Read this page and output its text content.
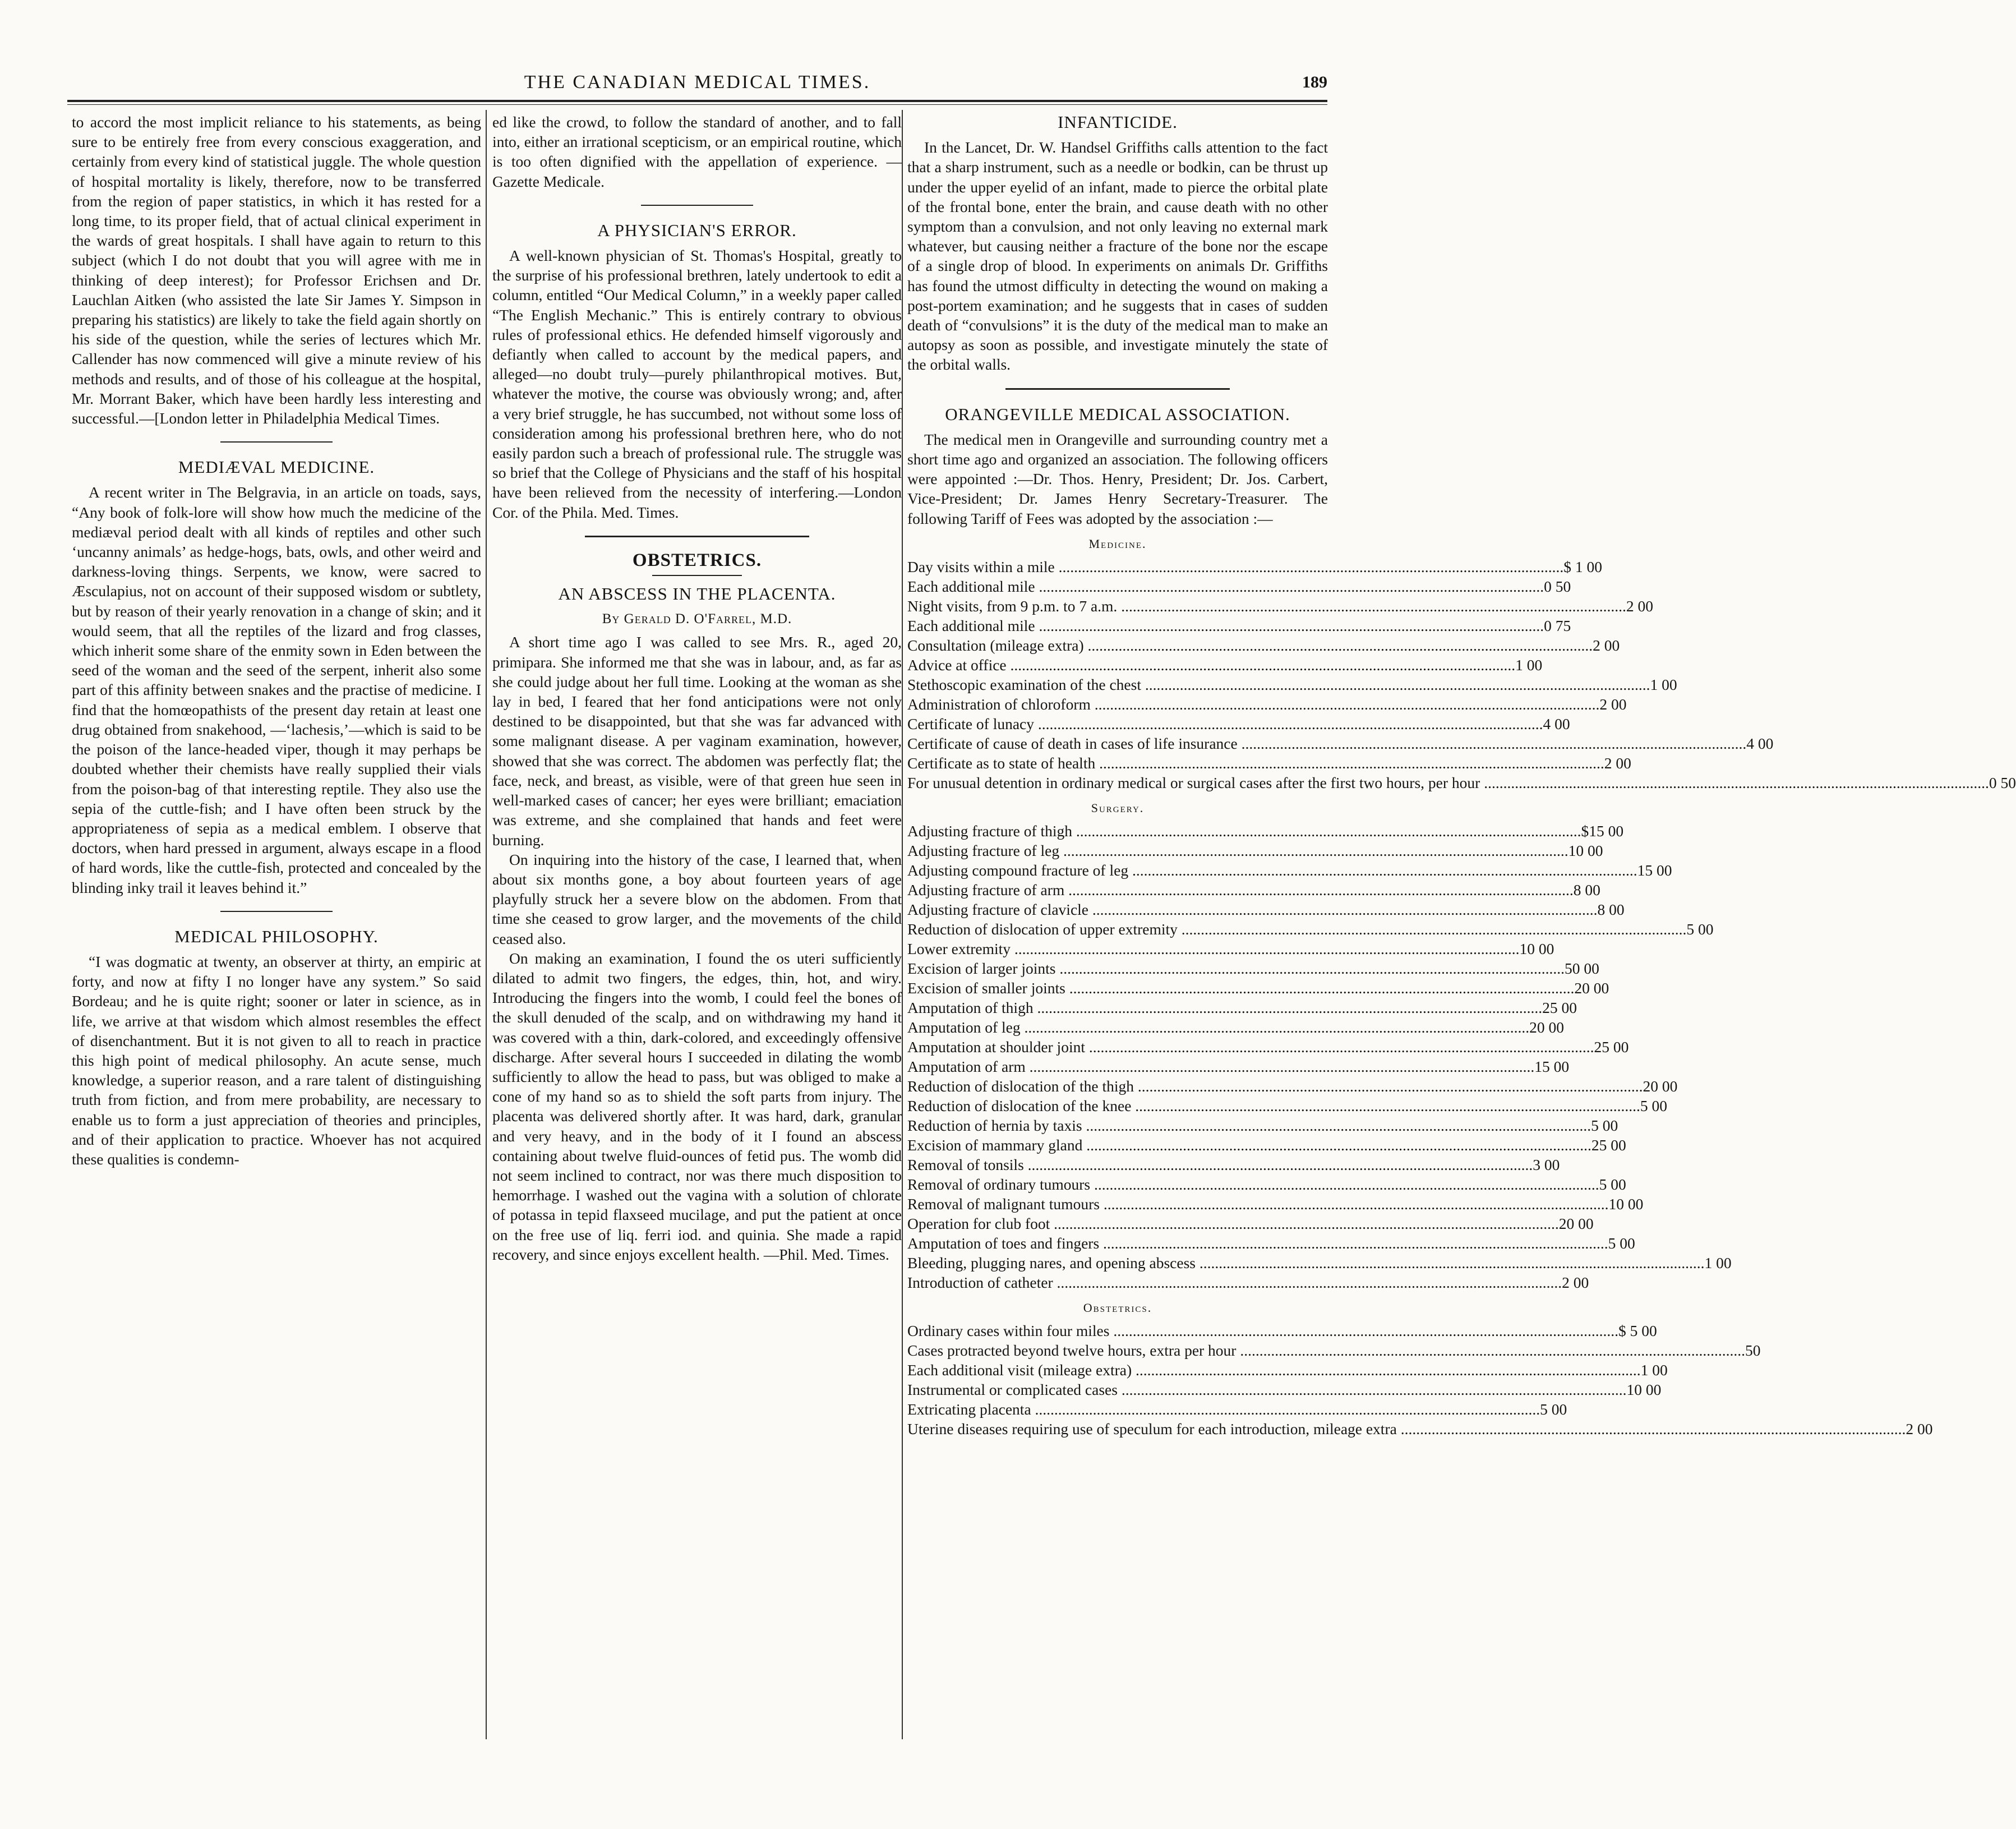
THE CANADIAN MEDICAL TIMES.	189

to accord the most implicit reliance to his statements, as being sure to be entirely free from every conscious exaggeration, and certainly from every kind of statistical juggle. The whole question of hospital mortality is likely, therefore, now to be transferred from the region of paper statistics, in which it has rested for a long time, to its proper field, that of actual clinical experiment in the wards of great hospitals. I shall have again to return to this subject (which I do not doubt that you will agree with me in thinking of deep interest); for Professor Erichsen and Dr. Lauchlan Aitken (who assisted the late Sir James Y. Simpson in preparing his statistics) are likely to take the field again shortly on his side of the question, while the series of lectures which Mr. Callender has now commenced will give a minute review of his methods and results, and of those of his colleague at the hospital, Mr. Morrant Baker, which have been hardly less interesting and successful.—[London letter in Philadelphia Medical Times.

MEDIÆVAL MEDICINE.

A recent writer in The Belgravia, in an article on toads, says, “Any book of folk-lore will show how much the medicine of the mediæval period dealt with all kinds of reptiles and other such ‘uncanny animals’ as hedge-hogs, bats, owls, and other weird and darkness-loving things. Serpents, we know, were sacred to Æsculapius, not on account of their supposed wisdom or subtlety, but by reason of their yearly renovation in a change of skin; and it would seem, that all the reptiles of the lizard and frog classes, which inherit some share of the enmity sown in Eden between the seed of the woman and the seed of the serpent, inherit also some part of this affinity between snakes and the practise of medicine. I find that the homœopathists of the present day retain at least one drug obtained from snakehood, —‘lachesis,’—which is said to be the poison of the lance-headed viper, though it may perhaps be doubted whether their chemists have really supplied their vials from the poison-bag of that interesting reptile. They also use the sepia of the cuttle-fish; and I have often been struck by the appropriateness of sepia as a medical emblem. I observe that doctors, when hard pressed in argument, always escape in a flood of hard words, like the cuttle-fish, protected and concealed by the blinding inky trail it leaves behind it.”

MEDICAL PHILOSOPHY.

“I was dogmatic at twenty, an observer at thirty, an empiric at forty, and now at fifty I no longer have any system.” So said Bordeau; and he is quite right; sooner or later in science, as in life, we arrive at that wisdom which almost resembles the effect of disenchantment. But it is not given to all to reach in practice this high point of medical philosophy. An acute sense, much knowledge, a superior reason, and a rare talent of distinguishing truth from fiction, and from mere probability, are necessary to enable us to form a just appreciation of theories and principles, and of their application to practice. Whoever has not acquired these qualities is condemn-

ed like the crowd, to follow the standard of another, and to fall into, either an irrational scepticism, or an empirical routine, which is too often dignified with the appellation of experience. —Gazette Medicale.

A PHYSICIAN'S ERROR.

A well-known physician of St. Thomas's Hospital, greatly to the surprise of his professional brethren, lately undertook to edit a column, entitled “Our Medical Column,” in a weekly paper called “The English Mechanic.” This is entirely contrary to obvious rules of professional ethics. He defended himself vigorously and defiantly when called to account by the medical papers, and alleged—no doubt truly—purely philanthropical motives. But, whatever the motive, the course was obviously wrong; and, after a very brief struggle, he has succumbed, not without some loss of consideration among his professional brethren here, who do not easily pardon such a breach of professional rule. The struggle was so brief that the College of Physicians and the staff of his hospital have been relieved from the necessity of interfering.—London Cor. of the Phila. Med. Times.

OBSTETRICS.
AN ABSCESS IN THE PLACENTA.
By Gerald D. O'Farrel, M.D.

A short time ago I was called to see Mrs. R., aged 20, primipara. She informed me that she was in labour, and, as far as she could judge about her full time. Looking at the woman as she lay in bed, I feared that her fond anticipations were not only destined to be disappointed, but that she was far advanced with some malignant disease. A per vaginam examination, however, showed that she was correct. The abdomen was perfectly flat; the face, neck, and breast, as visible, were of that green hue seen in well-marked cases of cancer; her eyes were brilliant; emaciation was extreme, and she complained that hands and feet were burning.

On inquiring into the history of the case, I learned that, when about six months gone, a boy about fourteen years of age playfully struck her a severe blow on the abdomen. From that time she ceased to grow larger, and the movements of the child ceased also.

On making an examination, I found the os uteri sufficiently dilated to admit two fingers, the edges, thin, hot, and wiry. Introducing the fingers into the womb, I could feel the bones of the skull denuded of the scalp, and on withdrawing my hand it was covered with a thin, dark-colored, and exceedingly offensive discharge. After several hours I succeeded in dilating the womb sufficiently to allow the head to pass, but was obliged to make a cone of my hand so as to shield the soft parts from injury. The placenta was delivered shortly after. It was hard, dark, granular and very heavy, and in the body of it I found an abscess containing about twelve fluid-ounces of fetid pus. The womb did not seem inclined to contract, nor was there much disposition to hemorrhage. I washed out the vagina with a solution of chlorate of potassa in tepid flaxseed mucilage, and put the patient at once on the free use of liq. ferri iod. and quinia. She made a rapid recovery, and since enjoys excellent health. —Phil. Med. Times.

INFANTICIDE.

In the Lancet, Dr. W. Handsel Griffiths calls attention to the fact that a sharp instrument, such as a needle or bodkin, can be thrust up under the upper eyelid of an infant, made to pierce the orbital plate of the frontal bone, enter the brain, and cause death with no other symptom than a convulsion, and not only leaving no external mark whatever, but causing neither a fracture of the bone nor the escape of a single drop of blood. In experiments on animals Dr. Griffiths has found the utmost difficulty in detecting the wound on making a post-portem examination; and he suggests that in cases of sudden death of “convulsions” it is the duty of the medical man to make an autopsy as soon as possible, and investigate minutely the state of the orbital walls.

ORANGEVILLE MEDICAL ASSOCIATION.

The medical men in Orangeville and surrounding country met a short time ago and organized an association. The following officers were appointed :—Dr. Thos. Henry, President; Dr. Jos. Carbert, Vice-President; Dr. James Henry Secretary-Treasurer. The following Tariff of Fees was adopted by the association :—

Medicine.
Day visits within a mile .....	$ 1 00
Each additional mile .....	0 50
Night visits, from 9 p.m. to 7 a.m. .....	2 00
Each additional mile .....	0 75
Consultation (mileage extra) .....	2 00
Advice at office .....	1 00
Stethoscopic examination of the chest .....	1 00
Administration of chloroform .....	2 00
Certificate of lunacy .....	4 00
Certificate of cause of death in cases of life insurance .....	4 00
Certificate as to state of health .....	2 00
For unusual detention in ordinary medical or surgical cases after the first two hours, per hour .....	0 50
Surgery.
Adjusting fracture of thigh .....	$15 00
Adjusting fracture of leg .....	10 00
Adjusting compound fracture of leg .....	15 00
Adjusting fracture of arm .....	8 00
Adjusting fracture of clavicle .....	8 00
Reduction of dislocation of upper extremity .....	5 00
Lower extremity .....	10 00
Excision of larger joints .....	50 00
Excision of smaller joints .....	20 00
Amputation of thigh .....	25 00
Amputation of leg .....	20 00
Amputation at shoulder joint .....	25 00
Amputation of arm .....	15 00
Reduction of dislocation of the thigh .....	20 00
Reduction of dislocation of the knee .....	5 00
Reduction of hernia by taxis .....	5 00
Excision of mammary gland .....	25 00
Removal of tonsils .....	3 00
Removal of ordinary tumours .....	5 00
Removal of malignant tumours .....	10 00
Operation for club foot .....	20 00
Amputation of toes and fingers .....	5 00
Bleeding, plugging nares, and opening abscess .....	1 00
Introduction of catheter .....	2 00
Obstetrics.
Ordinary cases within four miles .....	$ 5 00
Cases protracted beyond twelve hours, extra per hour .....	50
Each additional visit (mileage extra) .....	1 00
Instrumental or complicated cases .....	10 00
Extricating placenta .....	5 00
Uterine diseases requiring use of speculum for each introduction, mileage extra .....	2 00
